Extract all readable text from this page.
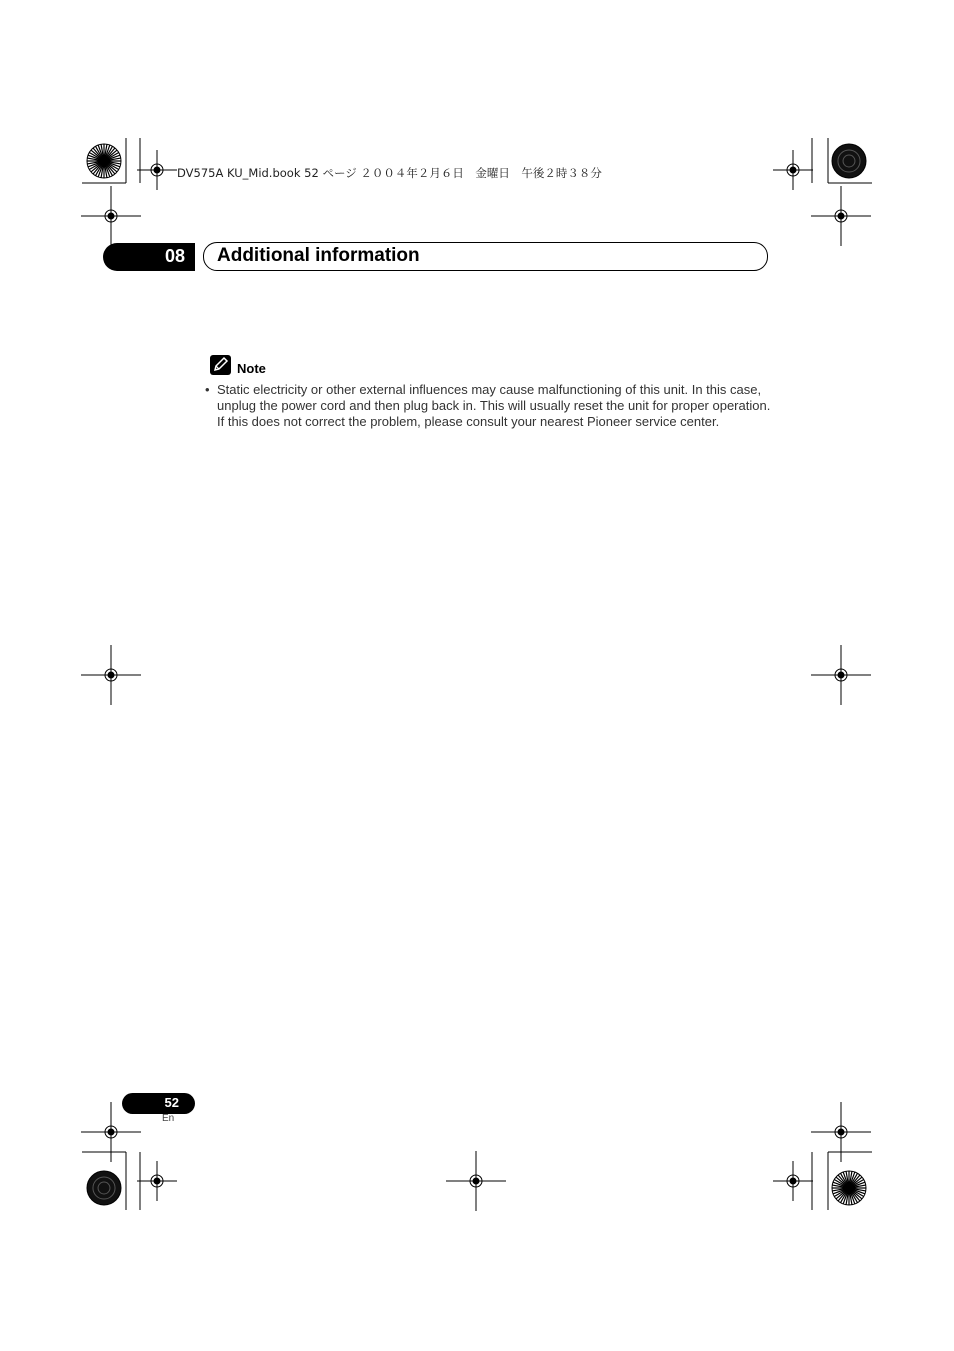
DV575A KU_Mid.book 52 ページ ２００４年２月６日　金曜日　午後２時３８分
08 Additional information
Note
• Static electricity or other external influences may cause malfunctioning of this unit. In this case, unplug the power cord and then plug back in. This will usually reset the unit for proper operation. If this does not correct the problem, please consult your nearest Pioneer service center.
52
En
